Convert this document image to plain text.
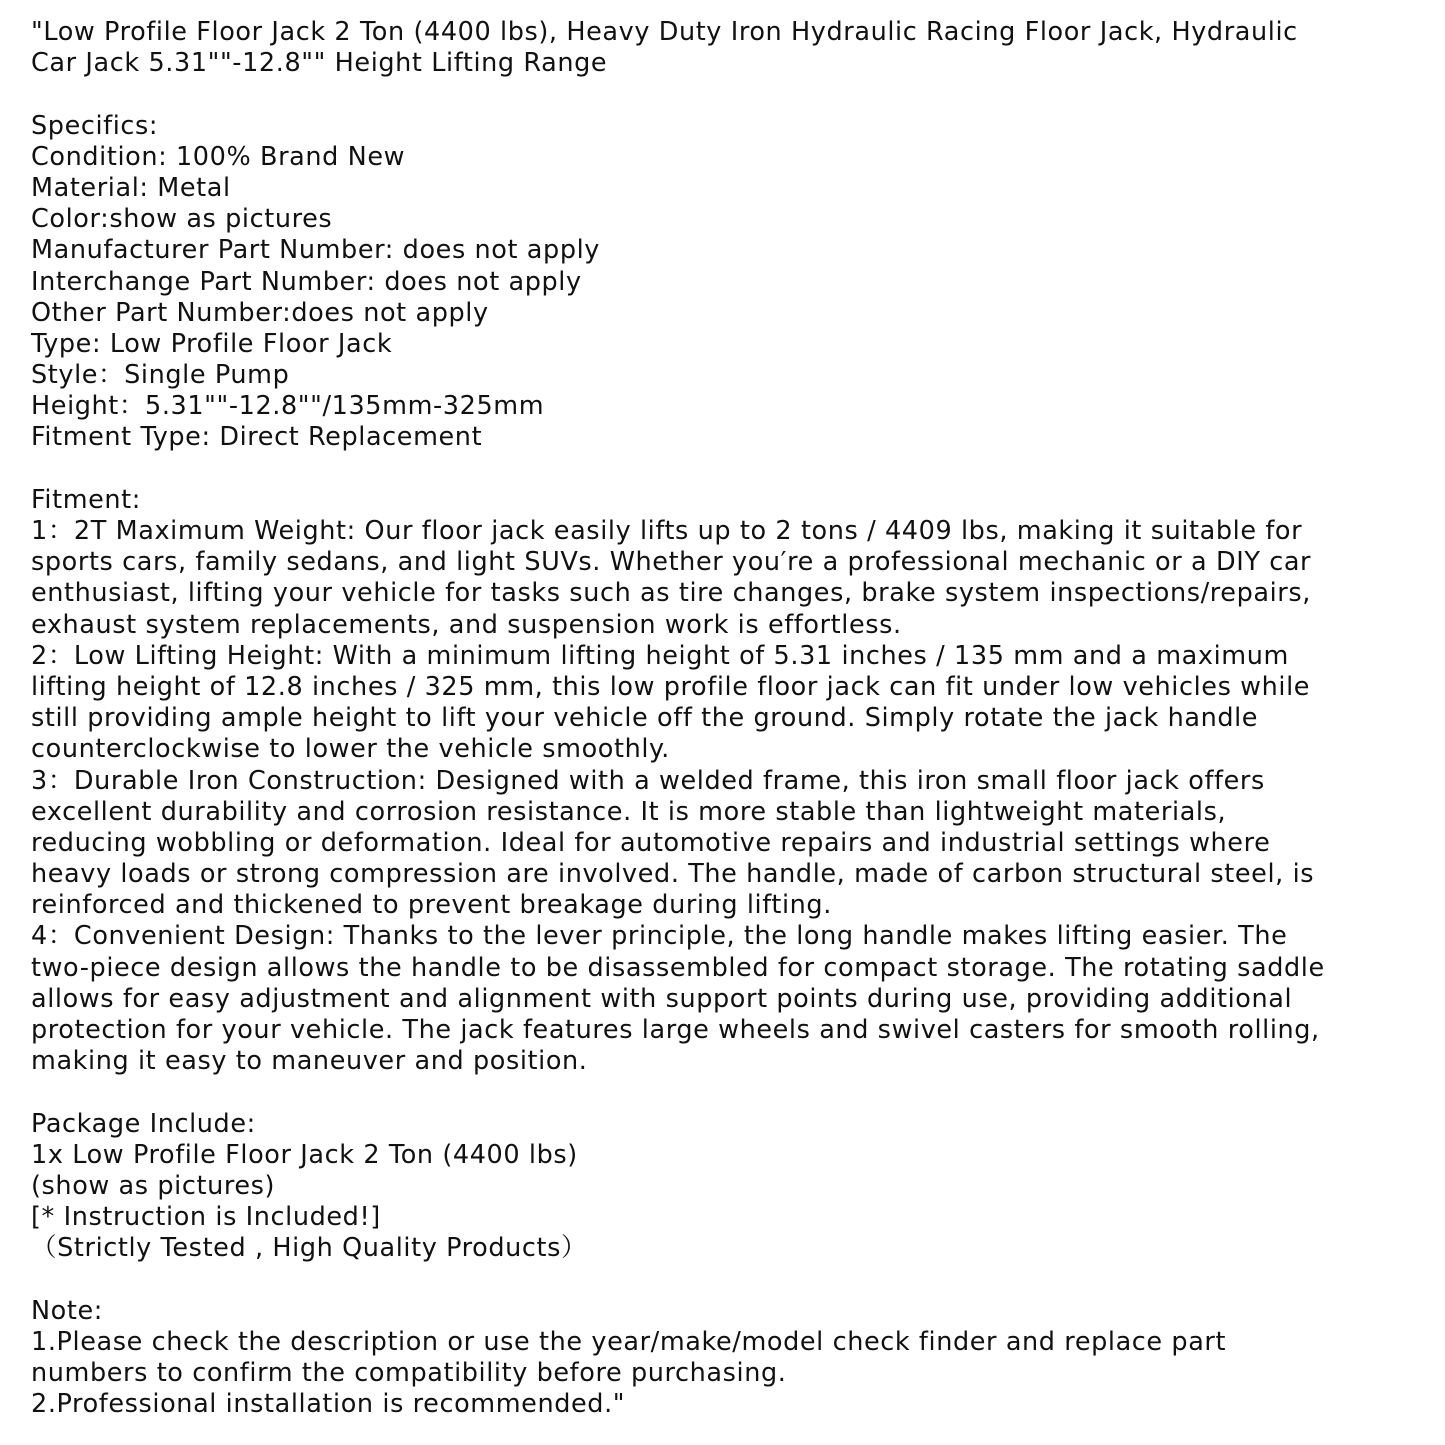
"Low Profile Floor Jack 2 Ton (4400 lbs), Heavy Duty Iron Hydraulic Racing Floor Jack, Hydraulic
Car Jack 5.31""-12.8"" Height Lifting Range
Specifics:
Condition: 100% Brand New
Material: Metal
Color:show as pictures
Manufacturer Part Number: does not apply
Interchange Part Number: does not apply
Other Part Number:does not apply
Type: Low Profile Floor Jack
Style：Single Pump
Height：5.31""-12.8""/135mm-325mm
Fitment Type: Direct Replacement
Fitment:
1：2T Maximum Weight: Our floor jack easily lifts up to 2 tons / 4409 lbs, making it suitable for
sports cars, family sedans, and light SUVs. Whether you′re a professional mechanic or a DIY car
enthusiast, lifting your vehicle for tasks such as tire changes, brake system inspections/repairs,
exhaust system replacements, and suspension work is effortless.
2：Low Lifting Height: With a minimum lifting height of 5.31 inches / 135 mm and a maximum
lifting height of 12.8 inches / 325 mm, this low profile floor jack can fit under low vehicles while
still providing ample height to lift your vehicle off the ground. Simply rotate the jack handle
counterclockwise to lower the vehicle smoothly.
3：Durable Iron Construction: Designed with a welded frame, this iron small floor jack offers
excellent durability and corrosion resistance. It is more stable than lightweight materials,
reducing wobbling or deformation. Ideal for automotive repairs and industrial settings where
heavy loads or strong compression are involved. The handle, made of carbon structural steel, is
reinforced and thickened to prevent breakage during lifting.
4：Convenient Design: Thanks to the lever principle, the long handle makes lifting easier. The
two-piece design allows the handle to be disassembled for compact storage. The rotating saddle
allows for easy adjustment and alignment with support points during use, providing additional
protection for your vehicle. The jack features large wheels and swivel casters for smooth rolling,
making it easy to maneuver and position.
Package Include:
1x Low Profile Floor Jack 2 Ton (4400 lbs)
(show as pictures)
[* Instruction is Included!]
（Strictly Tested , High Quality Products）
Note:
1.Please check the description or use the year/make/model check finder and replace part
numbers to confirm the compatibility before purchasing.
2.Professional installation is recommended."
